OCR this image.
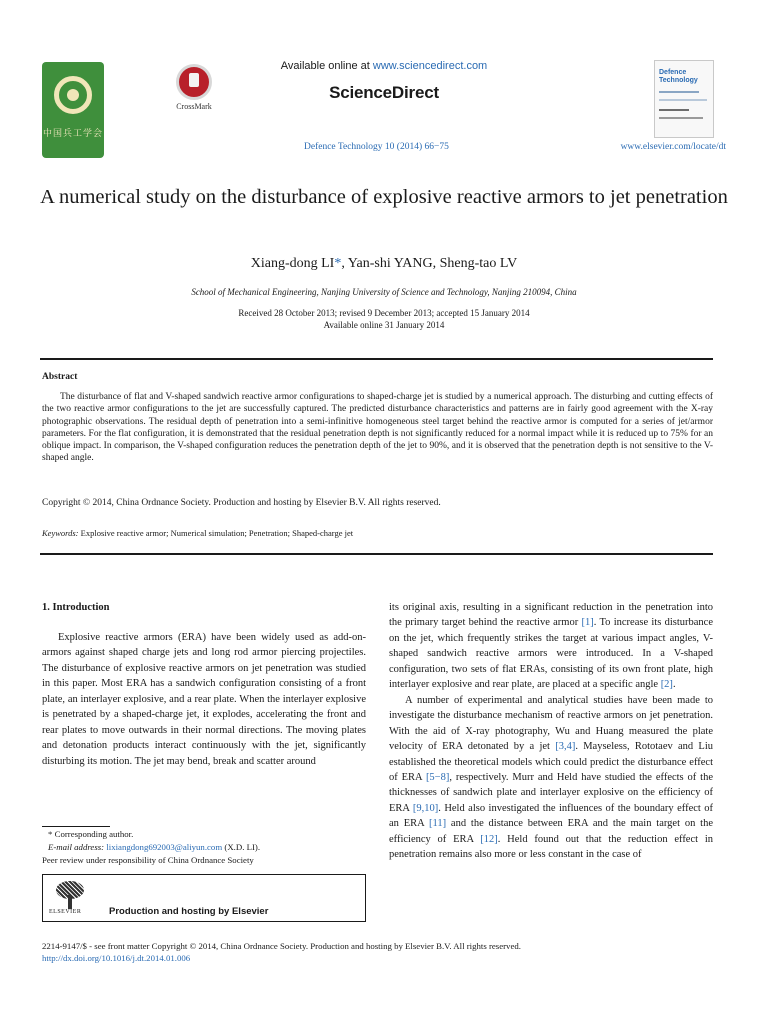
中国兵工学会
CrossMark
Available online at www.sciencedirect.com
ScienceDirect
Defence
Technology
Defence Technology 10 (2014) 66−75	www.elsevier.com/locate/dt
A numerical study on the disturbance of explosive reactive armors to jet penetration
Xiang-dong LI*, Yan-shi YANG, Sheng-tao LV
School of Mechanical Engineering, Nanjing University of Science and Technology, Nanjing 210094, China
Received 28 October 2013; revised 9 December 2013; accepted 15 January 2014
Available online 31 January 2014
Abstract
The disturbance of flat and V-shaped sandwich reactive armor configurations to shaped-charge jet is studied by a numerical approach. The disturbing and cutting effects of the two reactive armor configurations to the jet are successfully captured. The predicted disturbance characteristics and patterns are in fairly good agreement with the X-ray photographic observations. The residual depth of penetration into a semi-infinitive homogeneous steel target behind the reactive armor is computed for a series of jet/armor parameters. For the flat configuration, it is demonstrated that the residual penetration depth is not significantly reduced for a normal impact while it is reduced up to 75% for an oblique impact. In comparison, the V-shaped configuration reduces the penetration depth of the jet to 90%, and it is observed that the penetration depth is not sensitive to the V-shaped angle.
Copyright © 2014, China Ordnance Society. Production and hosting by Elsevier B.V. All rights reserved.
Keywords: Explosive reactive armor; Numerical simulation; Penetration; Shaped-charge jet
1. Introduction

Explosive reactive armors (ERA) have been widely used as add-on-armors against shaped charge jets and long rod armor piercing projectiles. The disturbance of explosive reactive armors on jet penetration was studied in this paper. Most ERA has a sandwich configuration consisting of a front plate, an interlayer explosive, and a rear plate. When the interlayer explosive is penetrated by a shaped-charge jet, it explodes, accelerating the front and rear plates to move outwards in their normal directions. The moving plates and detonation products interact continuously with the jet, significantly disturbing its motion. The jet may bend, break and scatter around

its original axis, resulting in a significant reduction in the penetration into the primary target behind the reactive armor [1]. To increase its disturbance on the jet, which frequently strikes the target at various impact angles, V-shaped sandwich reactive armors were introduced. In a V-shaped configuration, two sets of flat ERAs, consisting of its own front plate, high interlayer explosive and rear plate, are placed at a specific angle [2].

A number of experimental and analytical studies have been made to investigate the disturbance mechanism of reactive armors on jet penetration. With the aid of X-ray photography, Wu and Huang measured the plate velocity of ERA detonated by a jet [3,4]. Mayseless, Rototaev and Liu established the theoretical models which could predict the disturbance effect of ERA [5−8], respectively. Murr and Held have studied the effects of the thicknesses of sandwich plate and interlayer explosive on the efficiency of ERA [9,10]. Held also investigated the influences of the boundary effect of an ERA [11] and the distance between ERA and the main target on the efficiency of ERA [12]. Held found out that the reduction effect in penetration remains also more or less constant in the case of

* Corresponding author.
E-mail address: lixiangdong692003@aliyun.com (X.D. LI).
Peer review under responsibility of China Ordnance Society
ELSEVIER	Production and hosting by Elsevier
2214-9147/$ - see front matter Copyright © 2014, China Ordnance Society. Production and hosting by Elsevier B.V. All rights reserved.
http://dx.doi.org/10.1016/j.dt.2014.01.006
